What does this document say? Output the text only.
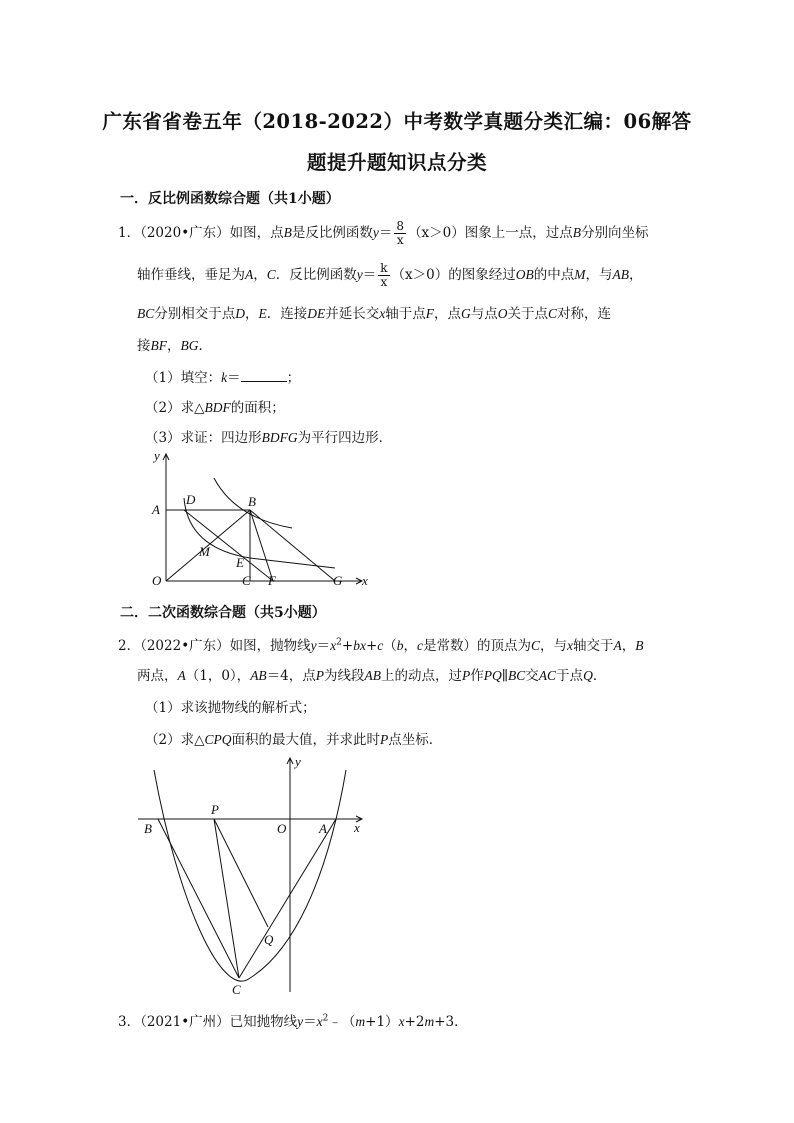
广东省省卷五年（2018-2022）中考数学真题分类汇编：06解答
题提升题知识点分类
一．反比例函数综合题（共1小题）
1．（2020•广东）如图，点B是反比例函数$y= \frac{8}{x} (x>0)$图象上一点，过点B分别向坐标
轴作垂线，垂足为A，C．反比例函数$y= \frac{k}{x} (x>0)$的图象经过OB的中点M，与AB，
BC分别相交于点D，E．连接DE并延长交x轴于点F，点G与点O关于点C对称，连
接BF，BG．
（1）填空：k＝	；
（2）求△BDF的面积；
（3）求证：四边形BDFG为平行四边形．
y
x
A
D	B
M
E
O	C F	G
二．二次函数综合题（共5小题）
2．（2022•广东）如图，抛物线$y=x^2+bx+c(b$，c是常数）的顶点为C，与x轴交于A，B
两点，A（1，0），AB＝4，点P为线段AB上的动点，过P作PQ∥BC交AC于点Q．
（1）求该抛物线的解析式；
（2）求△CPQ面积的最大值，并求此时P点坐标．
y
x
P
B	O	A
Q
C
3．（2021•广州）已知抛物线$y=x^2﹣(m+1)x+2m+3$．
